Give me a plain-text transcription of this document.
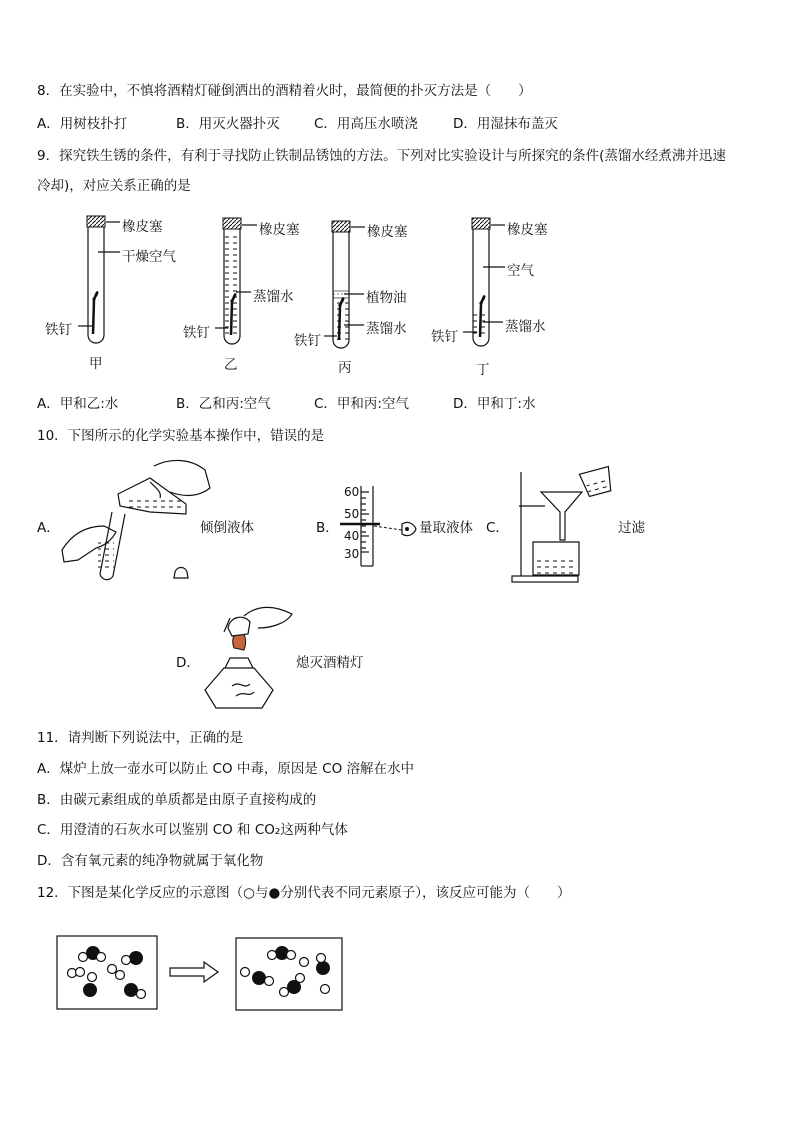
8．在实验中，不慎将酒精灯碰倒洒出的酒精着火时，最简便的扑灭方法是（　　）
A．用树枝扑打	B．用灭火器扑灭	C．用高压水喷浇	D．用湿抹布盖灭
9．探究铁生锈的条件，有利于寻找防止铁制品锈蚀的方法。下列对比实验设计与所探究的条件(蒸馏水经煮沸并迅速
冷却)，对应关系正确的是
橡皮塞
干燥空气
铁钉
甲
橡皮塞
蒸馏水
铁钉
乙
橡皮塞
植物油
蒸馏水
铁钉
丙
橡皮塞
空气
蒸馏水
铁钉
丁
A．甲和乙:水	B．乙和丙:空气	C．甲和丙:空气	D．甲和丁:水
10．下图所示的化学实验基本操作中，错误的是
A．	倾倒液体	B．
60
50
40
30
量取液体 C．	过滤
D．	熄灭酒精灯
11．请判断下列说法中，正确的是
A．煤炉上放一壶水可以防止 CO 中毒，原因是 CO 溶解在水中
B．由碳元素组成的单质都是由原子直接构成的
C．用澄清的石灰水可以鉴别 CO 和 CO₂这两种气体
D．含有氧元素的纯净物就属于氧化物
12．下图是某化学反应的示意图（○与●分别代表不同元素原子），该反应可能为（　　）
